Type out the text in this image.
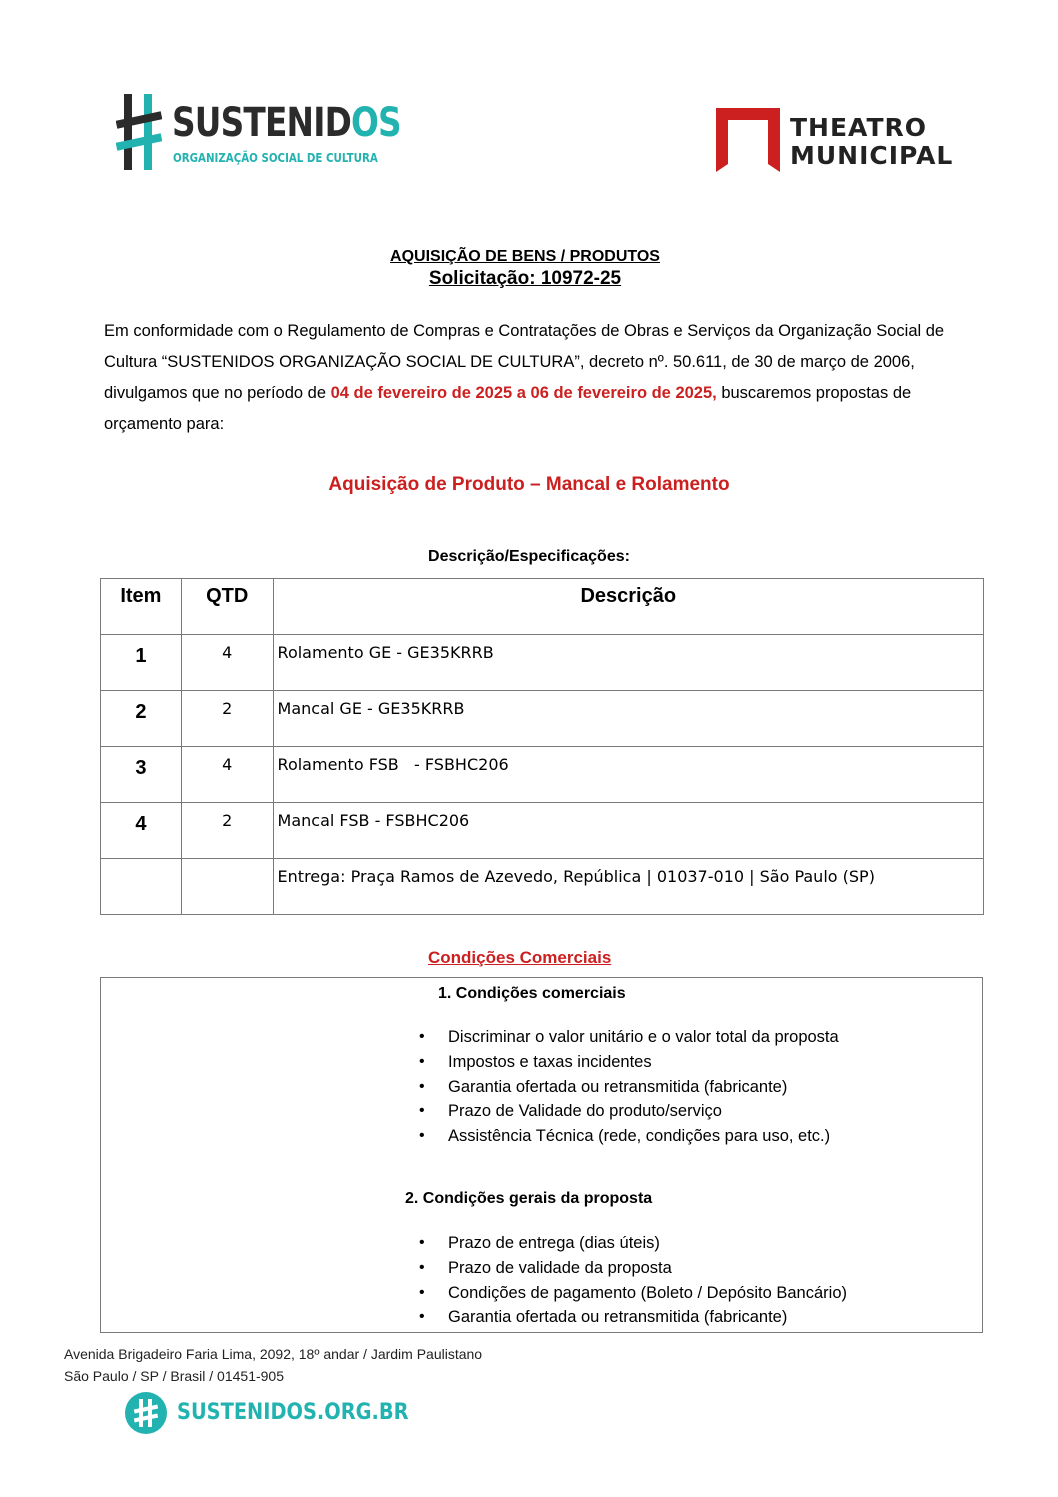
SUSTENIDOS
ORGANIZAÇÃO SOCIAL DE CULTURA
THEATRO
MUNICIPAL
AQUISIÇÃO DE BENS / PRODUTOS
Solicitação: 10972-25
Em conformidade com o Regulamento de Compras e Contratações de Obras e Serviços da Organização Social de Cultura “SUSTENIDOS ORGANIZAÇÃO SOCIAL DE CULTURA”, decreto nº. 50.611, de 30 de março de 2006, divulgamos que no período de 04 de fevereiro de 2025 a 06 de fevereiro de 2025, buscaremos propostas de orçamento para:
Aquisição de Produto – Mancal e Rolamento
Descrição/Especificações:
Item	QTD	Descrição
1	4	Rolamento GE - GE35KRRB
2	2	Mancal GE - GE35KRRB
3	4	Rolamento FSB   - FSBHC206
4	2	Mancal FSB - FSBHC206
		Entrega: Praça Ramos de Azevedo, República | 01037-010 | São Paulo (SP)
Condições Comerciais
1. Condições comerciais
• Discriminar o valor unitário e o valor total da proposta
• Impostos e taxas incidentes
• Garantia ofertada ou retransmitida (fabricante)
• Prazo de Validade do produto/serviço
• Assistência Técnica (rede, condições para uso, etc.)
2. Condições gerais da proposta
• Prazo de entrega (dias úteis)
• Prazo de validade da proposta
• Condições de pagamento (Boleto / Depósito Bancário)
• Garantia ofertada ou retransmitida (fabricante)
Avenida Brigadeiro Faria Lima, 2092, 18º andar / Jardim Paulistano
São Paulo / SP / Brasil / 01451-905
SUSTENIDOS.ORG.BR
